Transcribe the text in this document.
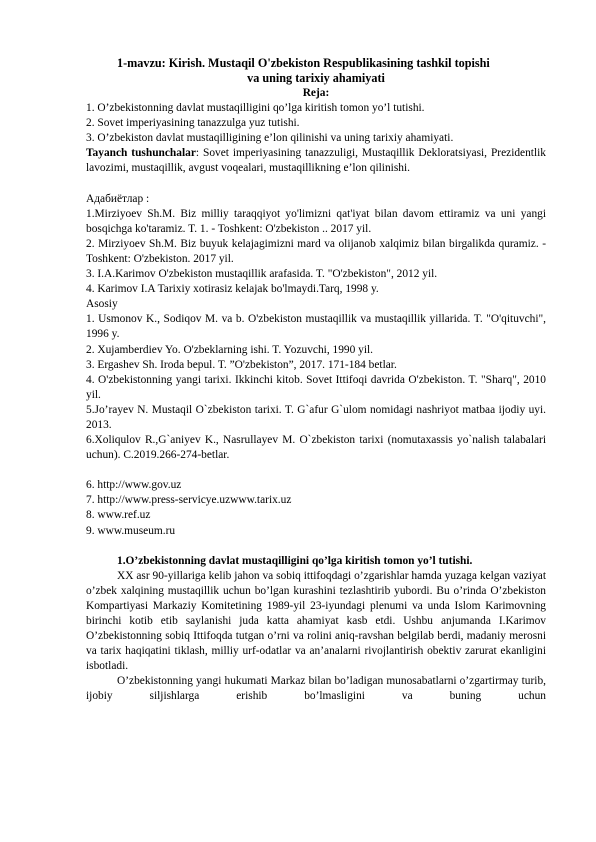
1-mavzu: Kirish. Mustaqil O'zbekiston Respublikasining tashkil topishi
va uning tarixiy ahamiyati

Reja:

1. O’zbekistonning davlat mustaqilligini qo’lga kiritish tomon yo’l tutishi.

2. Sovet imperiyasining tanazzulga yuz tutishi.

3. O’zbekiston davlat mustaqilligining e’lon qilinishi va uning tarixiy ahamiyati.

Tayanch tushunchalar: Sovet imperiyasining tanazzuligi, Mustaqillik Dekloratsiyasi, Prezidentlik lavozimi, mustaqillik, avgust voqealari, mustaqillikning e’lon qilinishi.

Адабиётлар :

1.Mirziyoev Sh.M. Biz milliy taraqqiyot yo'limizni qat'iyat bilan davom ettiramiz va uni yangi bosqichga ko'taramiz. T. 1. - Toshkent: O'zbekiston .. 2017 yil.

2. Mirziyoev Sh.M. Biz buyuk kelajagimizni mard va olijanob xalqimiz bilan birgalikda quramiz. - Toshkent: O'zbekiston. 2017 yil.

3. I.A.Karimov O'zbekiston mustaqillik arafasida. T. "O'zbekiston", 2012 yil.

4. Karimov I.A Tarixiy xotirasiz kelajak bo'lmaydi.Tarq, 1998 y.

Asosiy

1. Usmonov K., Sodiqov M. va b. O'zbekiston mustaqillik va mustaqillik yillarida. T. "O'qituvchi", 1996 y.

2. Xujamberdiev Yo. O'zbeklarning ishi. T. Yozuvchi, 1990 yil.

3. Ergashev Sh. Iroda bepul. T. ”O'zbekiston”, 2017. 171-184 betlar.

4. O'zbekistonning yangi tarixi. Ikkinchi kitob. Sovet Ittifoqi davrida O'zbekiston. T. "Sharq", 2010 yil.

5.Jo’rayev N. Mustaqil O`zbekiston tarixi. T. G`afur G`ulom nomidagi nashriyot matbaa ijodiy uyi. 2013.

6.Xoliqulov R.,G`aniyev K., Nasrullayev M. O`zbekiston tarixi (nomutaxassis yo`nalish talabalari uchun). C.2019.266-274-betlar.

6. http://www.gov.uz

7. http://www.press-servicye.uzwww.tarix.uz

8. www.ref.uz

9. www.museum.ru

1.O’zbekistonning davlat mustaqilligini qo’lga kiritish tomon yo’l tutishi.

XX asr 90-yillariga kelib jahon va sobiq ittifoqdagi o’zgarishlar hamda yuzaga kelgan vaziyat o’zbek xalqining mustaqillik uchun bo’lgan kurashini tezlashtirib yubordi. Bu o’rinda O’zbekiston Kompartiyasi Markaziy Komitetining 1989-yil 23-iyundagi plenumi va unda Islom Karimovning birinchi kotib etib saylanishi juda katta ahamiyat kasb etdi. Ushbu anjumanda I.Karimov O’zbekistonning sobiq Ittifoqda tutgan o’rni va rolini aniq-ravshan belgilab berdi, madaniy merosni va tarix haqiqatini tiklash, milliy urf-odatlar va an’analarni rivojlantirish obektiv zarurat ekanligini isbotladi.

O’zbekistonning yangi hukumati Markaz bilan bo’ladigan munosabatlarni o’zgartirmay turib, ijobiy siljishlarga erishib bo’lmasligini va buning uchun
